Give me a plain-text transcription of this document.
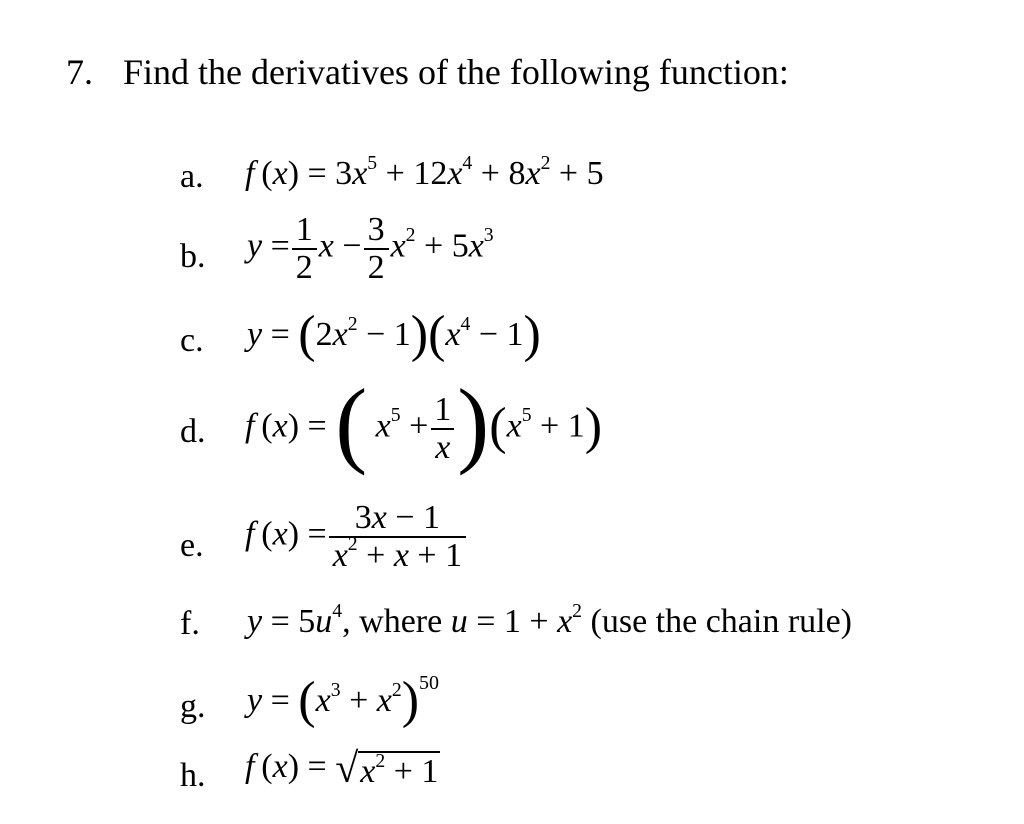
7. Find the derivatives of the following function:
a. f $(x) = 3x^5 + 12x^4 + 8x^2 + 5$
b. $y = \frac{1}{2}$ $x - \frac{3}{2} x^2 + 5x^3$
c. $y = (2x^2 - 1)(x^4 - 1)$
d. f (x) = ( $x^5 + \frac{1}{x} )(x^5 + 1)$
e. f $(x) = \frac{3x - 1}{x^2 + x + 1}$
f. $y = 5u^4$, where $u = 1 + x^2$ (use the chain rule)
g. $y = (x^3 + x^2)^{50}$
h. f (x) = √ $x^2 + 1$
